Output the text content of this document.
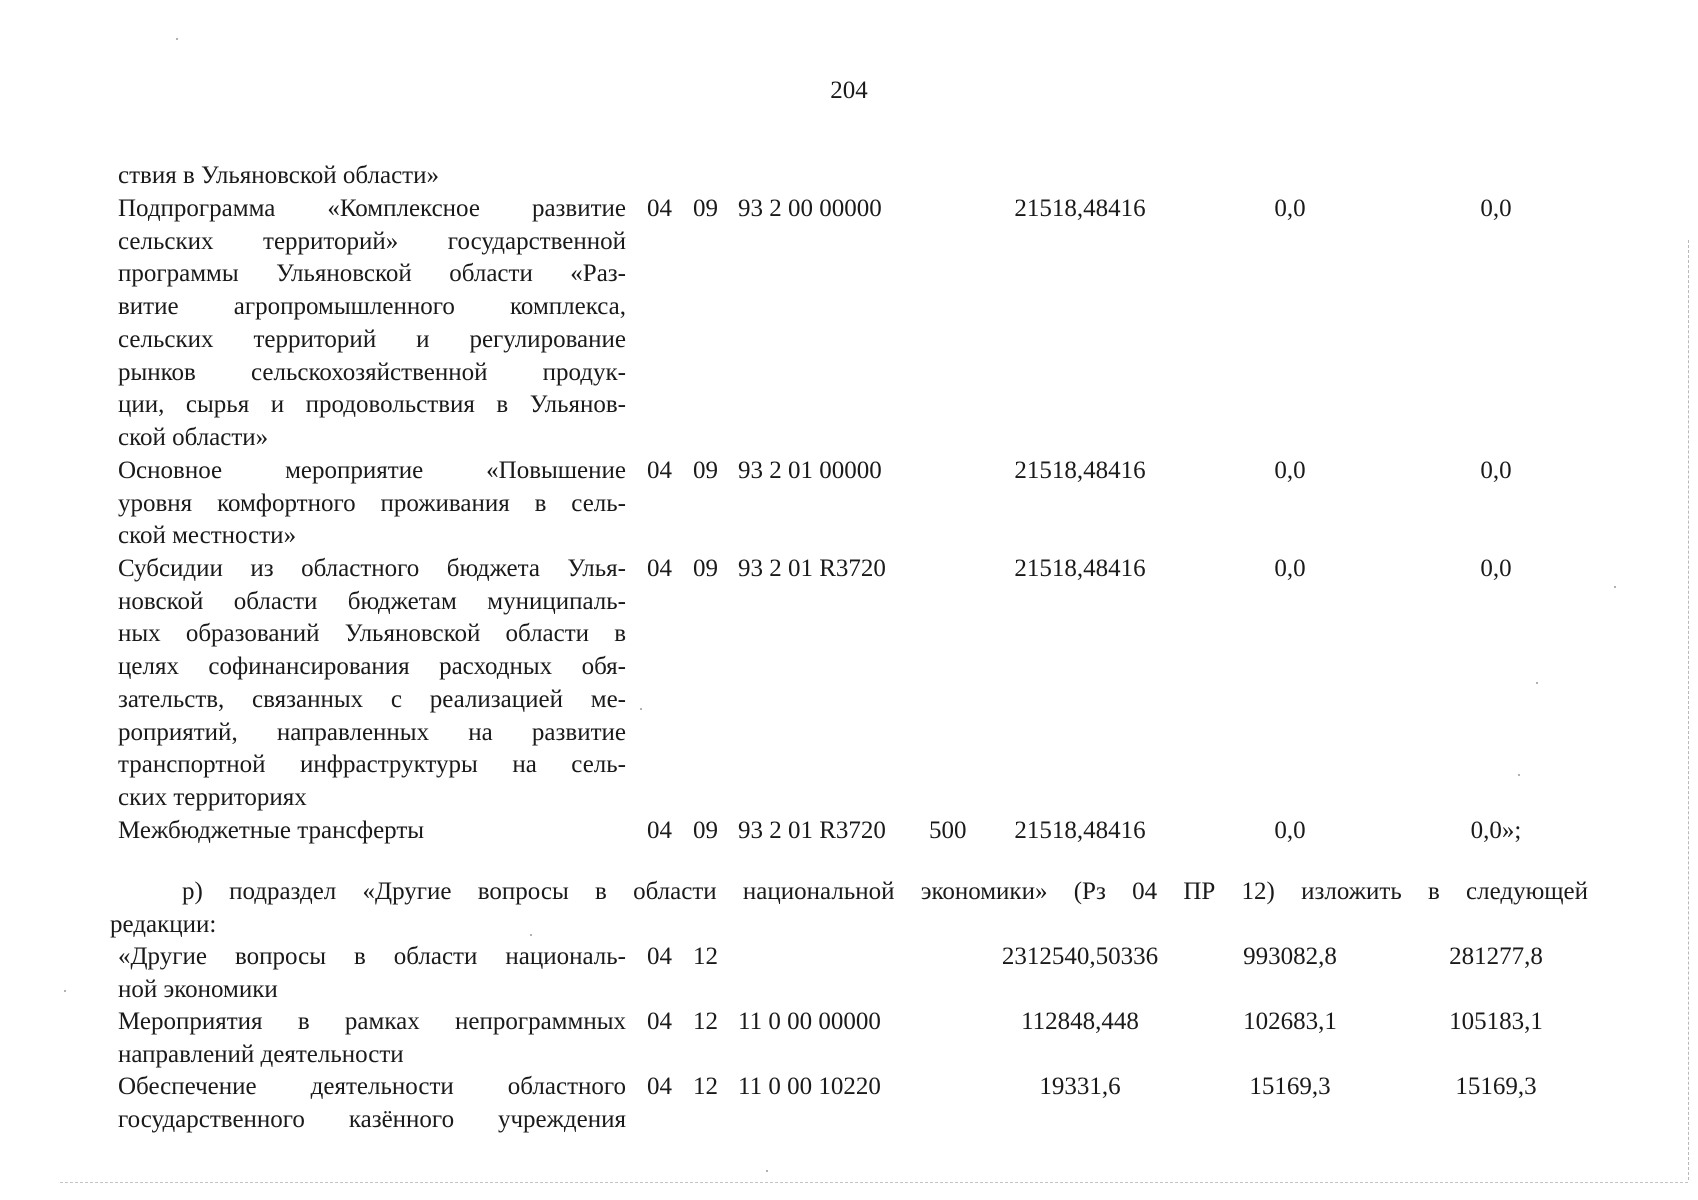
204
ствия в Ульяновской области»
Подпрограмма «Комплексное развитие
сельских территорий» государственной
программы Ульяновской области «Раз-
витие агропромышленного комплекса,
сельских территорий и регулирование
рынков сельскохозяйственной продук-
ции, сырья и продовольствия в Ульянов-
ской области»
04 09 93 2 00 00000	21518,48416	0,0	0,0
Основное мероприятие «Повышение
уровня комфортного проживания в сель-
ской местности»
04 09 93 2 01 00000	21518,48416	0,0	0,0
Субсидии из областного бюджета Улья-
новской области бюджетам муниципаль-
ных образований Ульяновской области в
целях софинансирования расходных обя-
зательств, связанных с реализацией ме-
роприятий, направленных на развитие
транспортной инфраструктуры на сель-
ских территориях
04 09 93 2 01 R3720	21518,48416	0,0	0,0
Межбюджетные трансферты	04 09 93 2 01 R3720 500	21518,48416	0,0	0,0»;
р) подраздел «Другие вопросы в области национальной экономики» (Рз 04 ПР 12) изложить в следующей
редакции:
«Другие вопросы в области националь-
ной экономики
04 12	2312540,50336	993082,8	281277,8
Мероприятия в рамках непрограммных
направлений деятельности
04 12 11 0 00 00000	112848,448	102683,1	105183,1
Обеспечение деятельности областного
государственного казённого учреждения
04 12 11 0 00 10220	19331,6	15169,3	15169,3
